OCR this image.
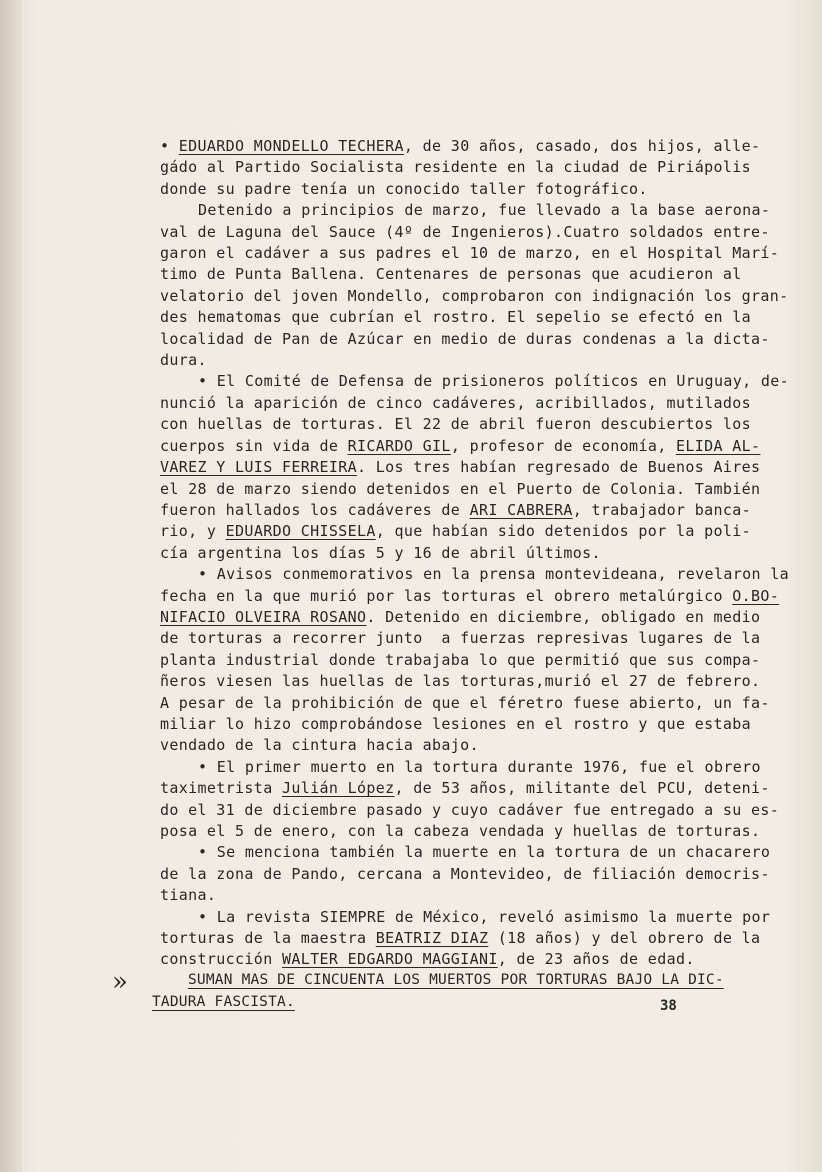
• EDUARDO MONDELLO TECHERA, de 30 años, casado, dos hijos, alle-
gádo al Partido Socialista residente en la ciudad de Piriápolis
donde su padre tenía un conocido taller fotográfico.
Detenido a principios de marzo, fue llevado a la base aerona-
val de Laguna del Sauce (4º de Ingenieros).Cuatro soldados entre-
garon el cadáver a sus padres el 10 de marzo, en el Hospital Marí-
timo de Punta Ballena. Centenares de personas que acudieron al
velatorio del joven Mondello, comprobaron con indignación los gran-
des hematomas que cubrían el rostro. El sepelio se efectó en la
localidad de Pan de Azúcar en medio de duras condenas a la dicta-
dura.
• El Comité de Defensa de prisioneros políticos en Uruguay, de-
nunció la aparición de cinco cadáveres, acribillados, mutilados
con huellas de torturas. El 22 de abril fueron descubiertos los
cuerpos sin vida de RICARDO GIL, profesor de economía, ELIDA AL-
VAREZ Y LUIS FERREIRA. Los tres habían regresado de Buenos Aires
el 28 de marzo siendo detenidos en el Puerto de Colonia. También
fueron hallados los cadáveres de ARI CABRERA, trabajador banca-
rio, y EDUARDO CHISSELA, que habían sido detenidos por la poli-
cía argentina los días 5 y 16 de abril últimos.
• Avisos conmemorativos en la prensa montevideana, revelaron la
fecha en la que murió por las torturas el obrero metalúrgico O.BO-
NIFACIO OLVEIRA ROSANO. Detenido en diciembre, obligado en medio
de torturas a recorrer junto  a fuerzas represivas lugares de la
planta industrial donde trabajaba lo que permitió que sus compa-
ñeros viesen las huellas de las torturas,murió el 27 de febrero.
A pesar de la prohibición de que el féretro fuese abierto, un fa-
miliar lo hizo comprobándose lesiones en el rostro y que estaba
vendado de la cintura hacia abajo.
• El primer muerto en la tortura durante 1976, fue el obrero
taximetrista Julián López, de 53 años, militante del PCU, deteni-
do el 31 de diciembre pasado y cuyo cadáver fue entregado a su es-
posa el 5 de enero, con la cabeza vendada y huellas de torturas.
• Se menciona también la muerte en la tortura de un chacarero
de la zona de Pando, cercana a Montevideo, de filiación democris-
tiana.
• La revista SIEMPRE de México, reveló asimismo la muerte por
torturas de la maestra BEATRIZ DIAZ (18 años) y del obrero de la
construcción WALTER EDGARDO MAGGIANI, de 23 años de edad.
»	SUMAN MAS DE CINCUENTA LOS MUERTOS POR TORTURAS BAJO LA DIC-
TADURA FASCISTA.	38
